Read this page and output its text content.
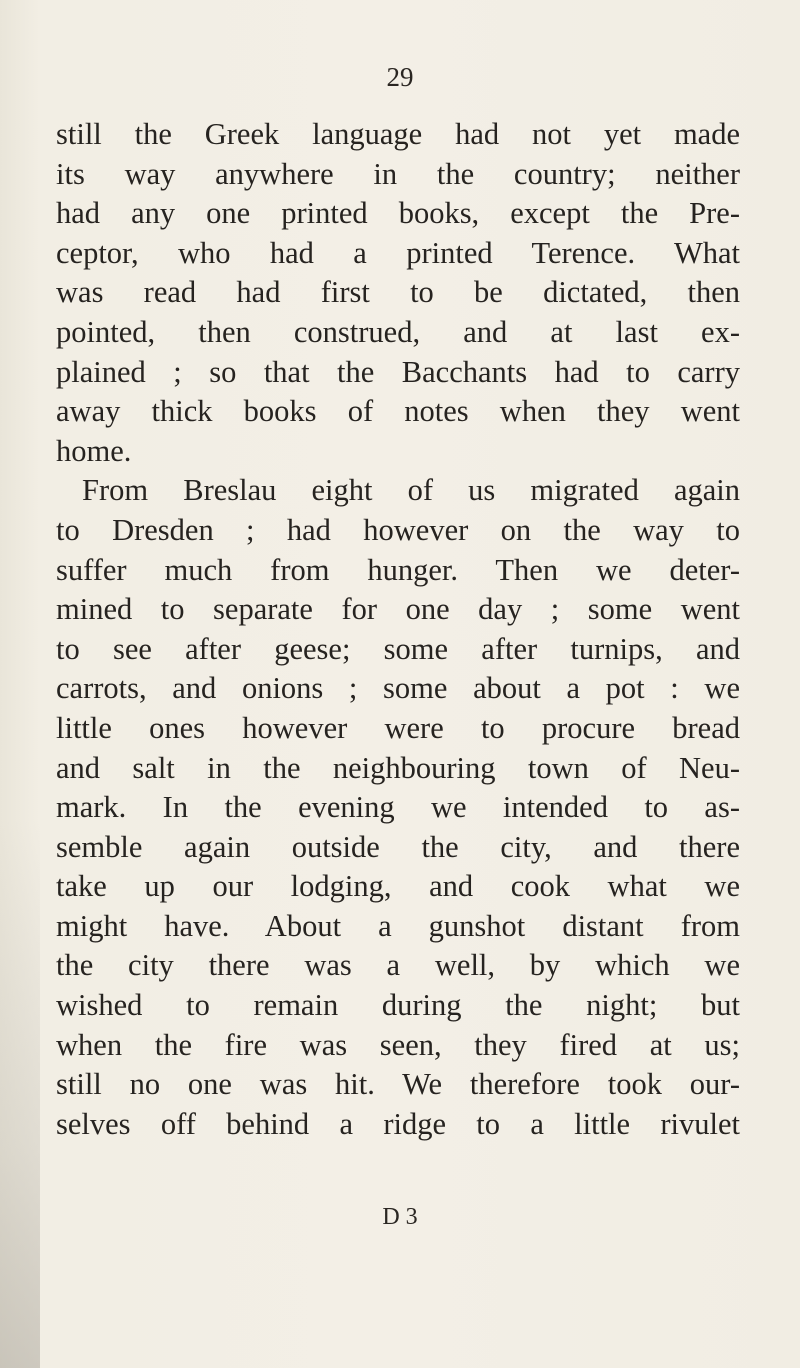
29
still the Greek language had not yet made
its way anywhere in the country; neither
had any one printed books, except the Pre-
ceptor, who had a printed Terence. What
was read had first to be dictated, then
pointed, then construed, and at last ex-
plained ; so that the Bacchants had to carry
away thick books of notes when they went
home.
From Breslau eight of us migrated again
to Dresden ; had however on the way to
suffer much from hunger. Then we deter-
mined to separate for one day ; some went
to see after geese; some after turnips, and
carrots, and onions ; some about a pot : we
little ones however were to procure bread
and salt in the neighbouring town of Neu-
mark. In the evening we intended to as-
semble again outside the city, and there
take up our lodging, and cook what we
might have. About a gunshot distant from
the city there was a well, by which we
wished to remain during the night; but
when the fire was seen, they fired at us;
still no one was hit. We therefore took our-
selves off behind a ridge to a little rivulet
D 3
